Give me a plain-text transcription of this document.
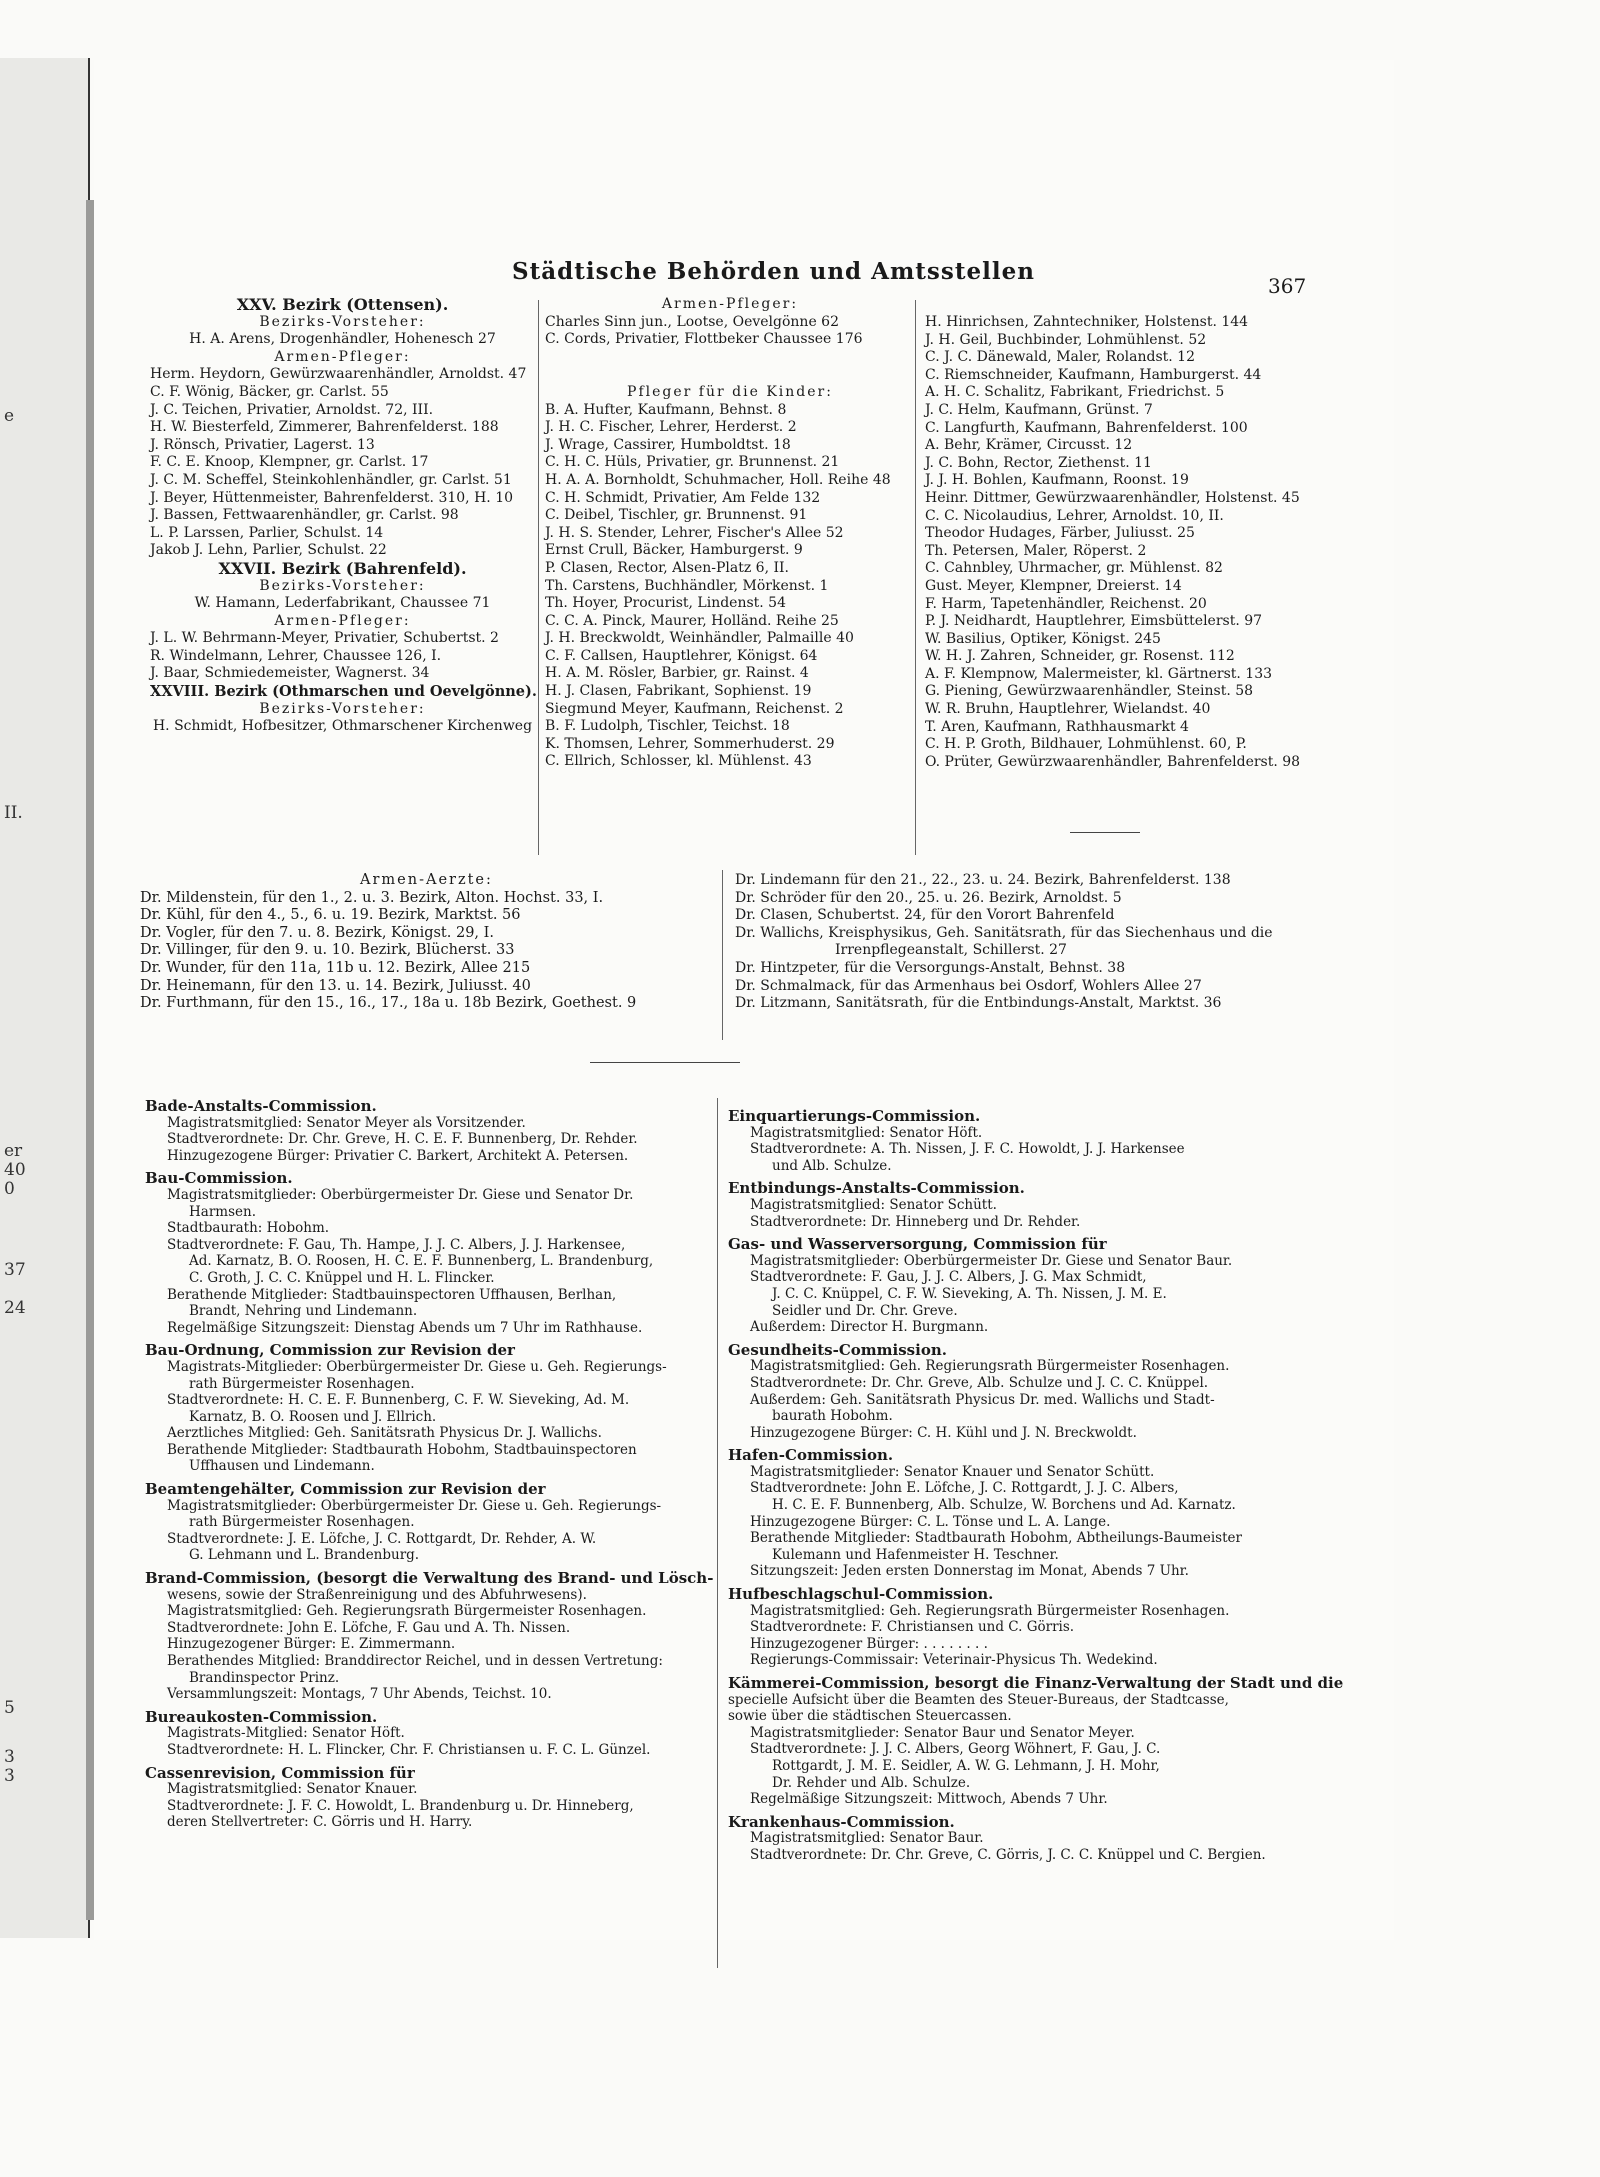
e
II.
er
40
0
37
24
5
3
3
Städtische Behörden und Amtsstellen
367
XXV. Bezirk (Ottensen).
Bezirks-Vorsteher:
H. A. Arens, Drogenhändler, Hohenesch 27
Armen-Pfleger:
Herm. Heydorn, Gewürzwaarenhändler, Arnoldst. 47
C. F. Wönig, Bäcker, gr. Carlst. 55
J. C. Teichen, Privatier, Arnoldst. 72, III.
H. W. Biesterfeld, Zimmerer, Bahrenfelderst. 188
J. Rönsch, Privatier, Lagerst. 13
F. C. E. Knoop, Klempner, gr. Carlst. 17
J. C. M. Scheffel, Steinkohlenhändler, gr. Carlst. 51
J. Beyer, Hüttenmeister, Bahrenfelderst. 310, H. 10
J. Bassen, Fettwaarenhändler, gr. Carlst. 98
L. P. Larssen, Parlier, Schulst. 14
Jakob J. Lehn, Parlier, Schulst. 22
XXVII. Bezirk (Bahrenfeld).
Bezirks-Vorsteher:
W. Hamann, Lederfabrikant, Chaussee 71
Armen-Pfleger:
J. L. W. Behrmann-Meyer, Privatier, Schubertst. 2
R. Windelmann, Lehrer, Chaussee 126, I.
J. Baar, Schmiedemeister, Wagnerst. 34
XXVIII. Bezirk (Othmarschen und Oevelgönne).
Bezirks-Vorsteher:
H. Schmidt, Hofbesitzer, Othmarschener Kirchenweg
Armen-Pfleger:
Charles Sinn jun., Lootse, Oevelgönne 62
C. Cords, Privatier, Flottbeker Chaussee 176
Pfleger für die Kinder:
B. A. Hufter, Kaufmann, Behnst. 8
J. H. C. Fischer, Lehrer, Herderst. 2
J. Wrage, Cassirer, Humboldtst. 18
C. H. C. Hüls, Privatier, gr. Brunnenst. 21
H. A. A. Bornholdt, Schuhmacher, Holl. Reihe 48
C. H. Schmidt, Privatier, Am Felde 132
C. Deibel, Tischler, gr. Brunnenst. 91
J. H. S. Stender, Lehrer, Fischer's Allee 52
Ernst Crull, Bäcker, Hamburgerst. 9
P. Clasen, Rector, Alsen-Platz 6, II.
Th. Carstens, Buchhändler, Mörkenst. 1
Th. Hoyer, Procurist, Lindenst. 54
C. C. A. Pinck, Maurer, Holländ. Reihe 25
J. H. Breckwoldt, Weinhändler, Palmaille 40
C. F. Callsen, Hauptlehrer, Königst. 64
H. A. M. Rösler, Barbier, gr. Rainst. 4
H. J. Clasen, Fabrikant, Sophienst. 19
Siegmund Meyer, Kaufmann, Reichenst. 2
B. F. Ludolph, Tischler, Teichst. 18
K. Thomsen, Lehrer, Sommerhuderst. 29
C. Ellrich, Schlosser, kl. Mühlenst. 43
H. Hinrichsen, Zahntechniker, Holstenst. 144
J. H. Geil, Buchbinder, Lohmühlenst. 52
C. J. C. Dänewald, Maler, Rolandst. 12
C. Riemschneider, Kaufmann, Hamburgerst. 44
A. H. C. Schalitz, Fabrikant, Friedrichst. 5
J. C. Helm, Kaufmann, Grünst. 7
C. Langfurth, Kaufmann, Bahrenfelderst. 100
A. Behr, Krämer, Circusst. 12
J. C. Bohn, Rector, Ziethenst. 11
J. J. H. Bohlen, Kaufmann, Roonst. 19
Heinr. Dittmer, Gewürzwaarenhändler, Holstenst. 45
C. C. Nicolaudius, Lehrer, Arnoldst. 10, II.
Theodor Hudages, Färber, Juliusst. 25
Th. Petersen, Maler, Röperst. 2
C. Cahnbley, Uhrmacher, gr. Mühlenst. 82
Gust. Meyer, Klempner, Dreierst. 14
F. Harm, Tapetenhändler, Reichenst. 20
P. J. Neidhardt, Hauptlehrer, Eimsbüttelerst. 97
W. Basilius, Optiker, Königst. 245
W. H. J. Zahren, Schneider, gr. Rosenst. 112
A. F. Klempnow, Malermeister, kl. Gärtnerst. 133
G. Piening, Gewürzwaarenhändler, Steinst. 58
W. R. Bruhn, Hauptlehrer, Wielandst. 40
T. Aren, Kaufmann, Rathhausmarkt 4
C. H. P. Groth, Bildhauer, Lohmühlenst. 60, P.
O. Prüter, Gewürzwaarenhändler, Bahrenfelderst. 98
Armen-Aerzte:
Dr. Mildenstein, für den 1., 2. u. 3. Bezirk, Alton. Hochst. 33, I.
Dr. Kühl, für den 4., 5., 6. u. 19. Bezirk, Marktst. 56
Dr. Vogler, für den 7. u. 8. Bezirk, Königst. 29, I.
Dr. Villinger, für den 9. u. 10. Bezirk, Blücherst. 33
Dr. Wunder, für den 11a, 11b u. 12. Bezirk, Allee 215
Dr. Heinemann, für den 13. u. 14. Bezirk, Juliusst. 40
Dr. Furthmann, für den 15., 16., 17., 18a u. 18b Bezirk, Goethest. 9
Dr. Lindemann für den 21., 22., 23. u. 24. Bezirk, Bahrenfelderst. 138
Dr. Schröder für den 20., 25. u. 26. Bezirk, Arnoldst. 5
Dr. Clasen, Schubertst. 24, für den Vorort Bahrenfeld
Dr. Wallichs, Kreisphysikus, Geh. Sanitätsrath, für das Siechenhaus und die
Irrenpflegeanstalt, Schillerst. 27
Dr. Hintzpeter, für die Versorgungs-Anstalt, Behnst. 38
Dr. Schmalmack, für das Armenhaus bei Osdorf, Wohlers Allee 27
Dr. Litzmann, Sanitätsrath, für die Entbindungs-Anstalt, Marktst. 36
Bade-Anstalts-Commission.
Magistratsmitglied: Senator Meyer als Vorsitzender.
Stadtverordnete: Dr. Chr. Greve, H. C. E. F. Bunnenberg, Dr. Rehder.
Hinzugezogene Bürger: Privatier C. Barkert, Architekt A. Petersen.
Bau-Commission.
Magistratsmitglieder: Oberbürgermeister Dr. Giese und Senator Dr.
Harmsen.
Stadtbaurath: Hobohm.
Stadtverordnete: F. Gau, Th. Hampe, J. J. C. Albers, J. J. Harkensee,
Ad. Karnatz, B. O. Roosen, H. C. E. F. Bunnenberg, L. Brandenburg,
C. Groth, J. C. C. Knüppel und H. L. Flincker.
Berathende Mitglieder: Stadtbauinspectoren Uffhausen, Berlhan,
Brandt, Nehring und Lindemann.
Regelmäßige Sitzungszeit: Dienstag Abends um 7 Uhr im Rathhause.
Bau-Ordnung, Commission zur Revision der
Magistrats-Mitglieder: Oberbürgermeister Dr. Giese u. Geh. Regierungs-
rath Bürgermeister Rosenhagen.
Stadtverordnete: H. C. E. F. Bunnenberg, C. F. W. Sieveking, Ad. M.
Karnatz, B. O. Roosen und J. Ellrich.
Aerztliches Mitglied: Geh. Sanitätsrath Physicus Dr. J. Wallichs.
Berathende Mitglieder: Stadtbaurath Hobohm, Stadtbauinspectoren
Uffhausen und Lindemann.
Beamtengehälter, Commission zur Revision der
Magistratsmitglieder: Oberbürgermeister Dr. Giese u. Geh. Regierungs-
rath Bürgermeister Rosenhagen.
Stadtverordnete: J. E. Löfche, J. C. Rottgardt, Dr. Rehder, A. W.
G. Lehmann und L. Brandenburg.
Brand-Commission, (besorgt die Verwaltung des Brand- und Lösch-
wesens, sowie der Straßenreinigung und des Abfuhrwesens).
Magistratsmitglied: Geh. Regierungsrath Bürgermeister Rosenhagen.
Stadtverordnete: John E. Löfche, F. Gau und A. Th. Nissen.
Hinzugezogener Bürger: E. Zimmermann.
Berathendes Mitglied: Branddirector Reichel, und in dessen Vertretung:
Brandinspector Prinz.
Versammlungszeit: Montags, 7 Uhr Abends, Teichst. 10.
Bureaukosten-Commission.
Magistrats-Mitglied: Senator Höft.
Stadtverordnete: H. L. Flincker, Chr. F. Christiansen u. F. C. L. Günzel.
Cassenrevision, Commission für
Magistratsmitglied: Senator Knauer.
Stadtverordnete: J. F. C. Howoldt, L. Brandenburg u. Dr. Hinneberg,
deren Stellvertreter: C. Görris und H. Harry.
Einquartierungs-Commission.
Magistratsmitglied: Senator Höft.
Stadtverordnete: A. Th. Nissen, J. F. C. Howoldt, J. J. Harkensee
und Alb. Schulze.
Entbindungs-Anstalts-Commission.
Magistratsmitglied: Senator Schütt.
Stadtverordnete: Dr. Hinneberg und Dr. Rehder.
Gas- und Wasserversorgung, Commission für
Magistratsmitglieder: Oberbürgermeister Dr. Giese und Senator Baur.
Stadtverordnete: F. Gau, J. J. C. Albers, J. G. Max Schmidt,
J. C. C. Knüppel, C. F. W. Sieveking, A. Th. Nissen, J. M. E.
Seidler und Dr. Chr. Greve.
Außerdem: Director H. Burgmann.
Gesundheits-Commission.
Magistratsmitglied: Geh. Regierungsrath Bürgermeister Rosenhagen.
Stadtverordnete: Dr. Chr. Greve, Alb. Schulze und J. C. C. Knüppel.
Außerdem: Geh. Sanitätsrath Physicus Dr. med. Wallichs und Stadt-
baurath Hobohm.
Hinzugezogene Bürger: C. H. Kühl und J. N. Breckwoldt.
Hafen-Commission.
Magistratsmitglieder: Senator Knauer und Senator Schütt.
Stadtverordnete: John E. Löfche, J. C. Rottgardt, J. J. C. Albers,
H. C. E. F. Bunnenberg, Alb. Schulze, W. Borchens und Ad. Karnatz.
Hinzugezogene Bürger: C. L. Tönse und L. A. Lange.
Berathende Mitglieder: Stadtbaurath Hobohm, Abtheilungs-Baumeister
Kulemann und Hafenmeister H. Teschner.
Sitzungszeit: Jeden ersten Donnerstag im Monat, Abends 7 Uhr.
Hufbeschlagschul-Commission.
Magistratsmitglied: Geh. Regierungsrath Bürgermeister Rosenhagen.
Stadtverordnete: F. Christiansen und C. Görris.
Hinzugezogener Bürger: . . . . . . . .
Regierungs-Commissair: Veterinair-Physicus Th. Wedekind.
Kämmerei-Commission, besorgt die Finanz-Verwaltung der Stadt und die
specielle Aufsicht über die Beamten des Steuer-Bureaus, der Stadtcasse,
sowie über die städtischen Steuercassen.
Magistratsmitglieder: Senator Baur und Senator Meyer.
Stadtverordnete: J. J. C. Albers, Georg Wöhnert, F. Gau, J. C.
Rottgardt, J. M. E. Seidler, A. W. G. Lehmann, J. H. Mohr,
Dr. Rehder und Alb. Schulze.
Regelmäßige Sitzungszeit: Mittwoch, Abends 7 Uhr.
Krankenhaus-Commission.
Magistratsmitglied: Senator Baur.
Stadtverordnete: Dr. Chr. Greve, C. Görris, J. C. C. Knüppel und C. Bergien.
